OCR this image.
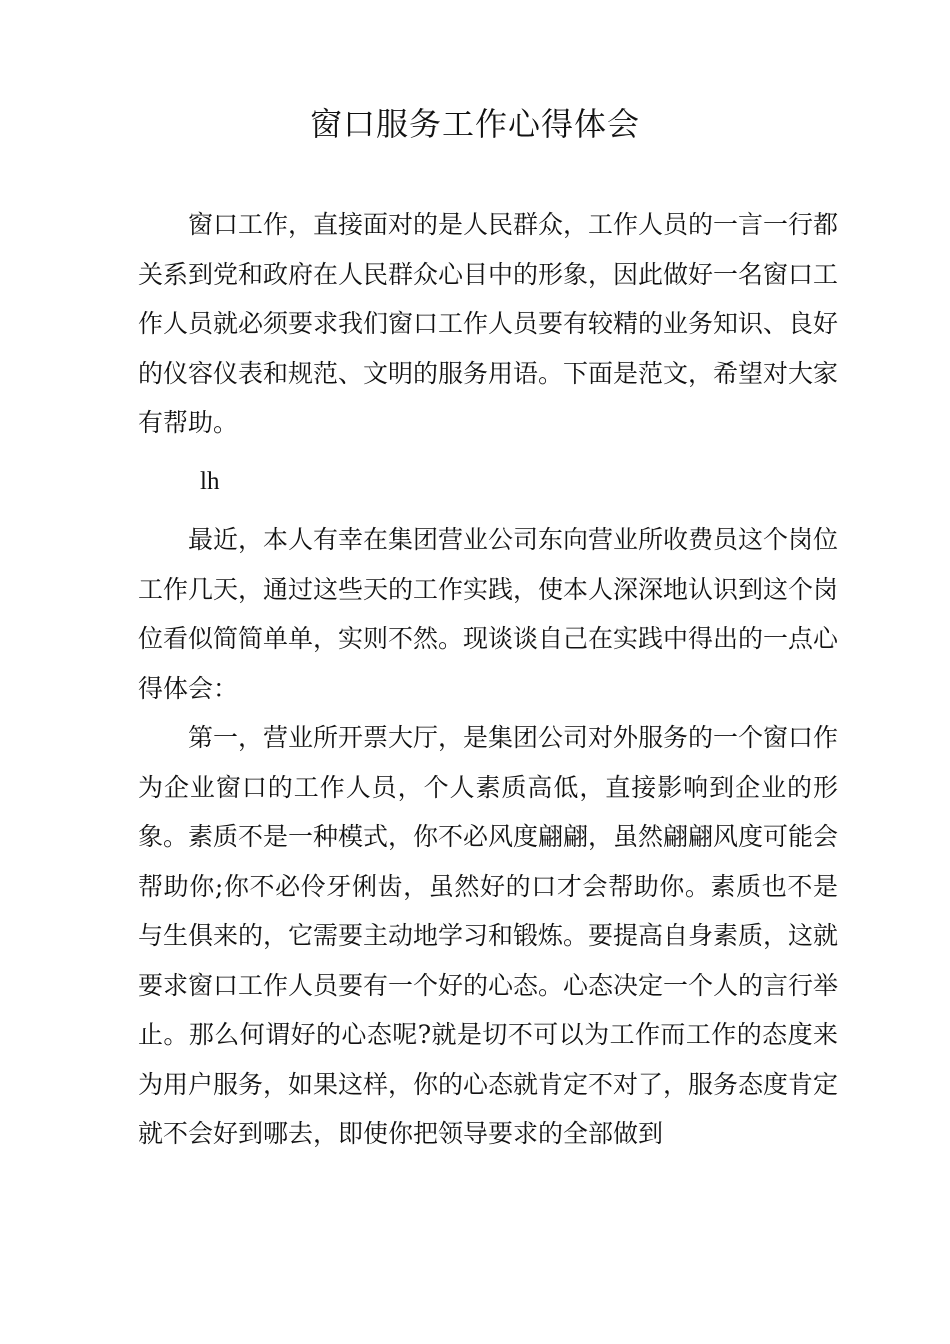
窗口服务工作心得体会

窗口工作，直接面对的是人民群众，工作人员的一言一行都关系到党和政府在人民群众心目中的形象，因此做好一名窗口工作人员就必须要求我们窗口工作人员要有较精的业务知识、良好的仪容仪表和规范、文明的服务用语。下面是范文，希望对大家有帮助。

lh

最近，本人有幸在集团营业公司东向营业所收费员这个岗位工作几天，通过这些天的工作实践，使本人深深地认识到这个岗位看似简简单单，实则不然。现谈谈自己在实践中得出的一点心得体会：

第一，营业所开票大厅，是集团公司对外服务的一个窗口作为企业窗口的工作人员，个人素质高低，直接影响到企业的形象。素质不是一种模式，你不必风度翩翩，虽然翩翩风度可能会帮助你;你不必伶牙俐齿，虽然好的口才会帮助你。素质也不是与生俱来的，它需要主动地学习和锻炼。要提高自身素质，这就要求窗口工作人员要有一个好的心态。心态决定一个人的言行举止。那么何谓好的心态呢?就是切不可以为工作而工作的态度来为用户服务，如果这样，你的心态就肯定不对了，服务态度肯定就不会好到哪去，即使你把领导要求的全部做到
